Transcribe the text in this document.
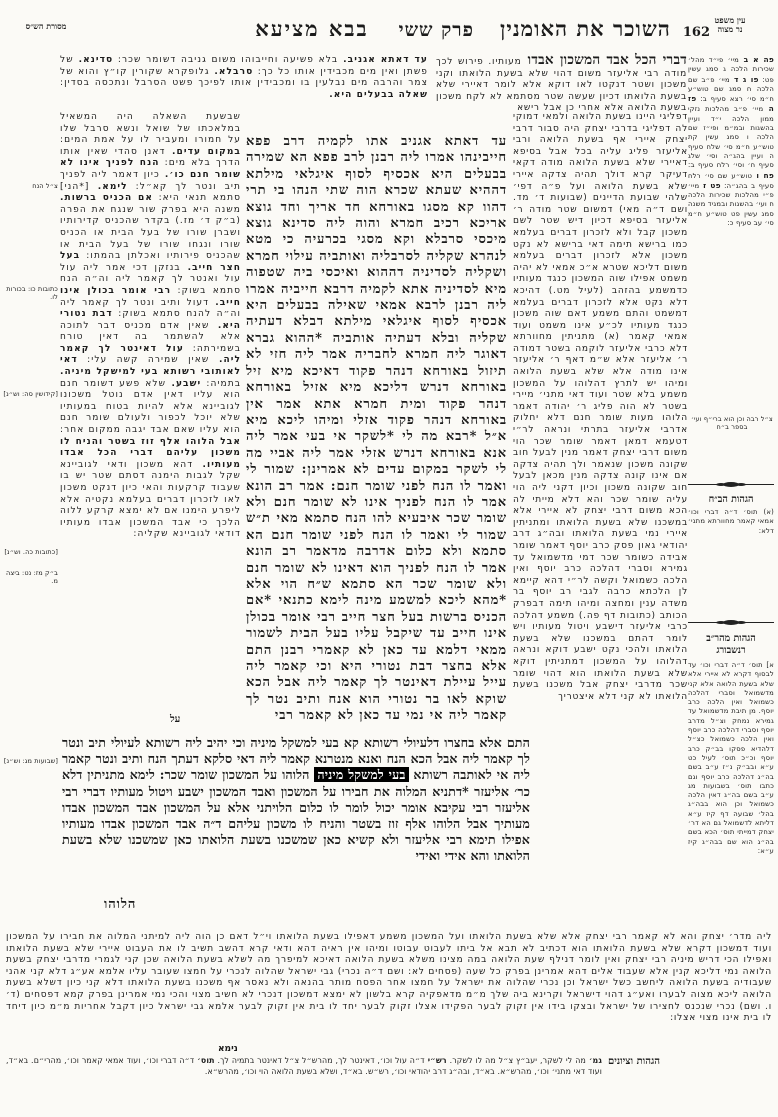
עין משפט
נר מצוה
מסורת הש״ס	162
השוכר את האומנין
פרק ששי
בבא מציעא
פה א ב מיי׳ פי״ד מהל׳ שכירות הלכה ג סמג עשין פט: פו ג ד מיי׳ פ״ב שם הלכה ח סמג שם טוש״ע ח״מ סי׳ רצא סעיף ב: פז ה מיי׳ פ״ב מהלכות נזקי ממון הלכה י״ד ועיין בהשגות ובמ״מ ופי״ז שם הלכה ו סמג עשין קת טוש״ע ח״מ סי׳ שלח סעיף ה ועיין בהג״ה וסי׳ שלג סעיף ח׳ וסי׳ רלח סעיף ב: פח ו טוש״ע שם סי׳ רלח סעיף ב בהג״ה: פט ז מיי׳ פ״י מהלכות שכירות הלכה ח ועי׳ בהשגות ובמגיד משנה סמג עשין פט טוש״ע ח״מ סי׳ עב סעיף כ:
צ״ל רבה וכן הוא ברי״ף ועי׳ בספר ב״ח
הגהות הב״ח
(א) תוס׳ ד״ה דברי וכו׳ אמאי קאמר מחוורתא מתני׳ דלא:
הגהות מהר״ב
רנשבורג
א] תוס׳ ד״ה דברי וכו׳ עד לבסוף דקרא לא איירי אלא שלא בשעת הלואה אלא קני מדשמואל וסברי דהלכה כשמואל ואין הלכה כרב יוסף. מן תיבת מדשמואל עד גמירא נמחק וצ״ל מדרב יוסף וסברי דהלכה כרב יוסף ואין הלכה כשמואל כצ״ל דלהדיא פסקו בב״ק כרב יוסף וכ״כ תוס׳ לעיל כט ע״א ובב״ק נ״ז ע״ב בשם בה״ג דהלכה כרב יוסף וגם כתבו תוס׳ בשבועות מג ע״ב בשם בה״ג דאין הלכה כשמואל וכן הוא בבה״ג בהל׳ שבועה דף קיז ע״א דליתא לדשמואל גם הא דר׳ יצחק דמייתי תוס׳ הכא בשם בה״ג הוא שם בבה״ג קיז ע״א:
דברי הכל אבד המשכון אבדו מעותיו. פירוש לכך מודה רבי אליעזר משום דהוי שלא בשעת הלואתו וקני משכון ושטר דנקטו לאו דוקא אלא לומר דאיירי שלא בשעת הלואתו דכיון שעשה שטר מסתמא לא לקח משכון בשעת הלואה אלא אחרי כן אבל רישא
דפליגי היינו בשעת הלואה ולמאי דמוקי לה דפליגי בדרבי יצחק היה סבור דרבי יצחק איירי אף בשעת הלואה ורבי אליעזר פליג עליה בכל אבל בסיפא דאיירי שלא בשעת הלואה מודה דקאי דעיקר קרא דולך תהיה צדקה איירי שלא בשעת הלואה ועל פ״ה דפי׳ שלהי שבועת הדיינים (שבועות ד׳ מד. ושם ד״ה מאי) דמשום שטר מודה ר׳ אליעזר בסיפא דכיון דיש שטר לשם משכון קבל ולא לזכרון דברים בעלמא כמו ברישא תימה דאי ברישא לא נקט משכון אלא לזכרון דברים בעלמא משום דליכא שטרא א״כ אמאי לא יהיה משמט אפילו שוה המשכון כנגד מעותיו כדמשמע בהזהב (לעיל מט.) דהיכא דלא נקט אלא לזכרון דברים בעלמא דמשמט והתם משמע דאם שוה משכון כנגד מעותיו לכ״ע אינו משמט ועוד אמאי קאמר (א) מתניתין מחוורתא דלא כרבי אליעזר לוקמה בשטר דמודה ר׳ אליעזר אלא ש״מ דאף ר׳ אליעזר אינו מודה אלא שלא בשעת הלואה ומיהו יש לתרץ דהלוהו על המשכון משמע בלא שטר ועוד דאי מתני׳ מיירי בשטר לא הוה פליג ר׳ יהודה דאמר הלוהו מעות שומר חנם דלא יחלוק אדרבי אליעזר בתרתי ונראה לר״י דטעמא דמאן דאמר שומר שכר הוי משום דרבי יצחק דאמר מנין לבעל חוב שקונה משכון שנאמר ולך תהיה צדקה אם אינו קונה צדקה מנין מכאן לבעל חוב שקונה משכון וכיון דקני ליה הוי עליה שומר שכר והא דלא מייתי לה הכא משום דרבי יצחק לא איירי אלא במשכנו שלא בשעת הלואתו ומתניתין איירי נמי בשעת הלואתו ובה״ג דרב יהודאי גאון פסק כרב יוסף דאמר שומר אבידה כשומר שכר דמי מדשמואל עד גמירא וסברי דהלכה כרב יוסף ואין הלכה כשמואל וקשה לר״י דהא קיימא לן הלכתא כרבה לגבי רב יוסף בר משדה ענין ומחצה ומיהו תימה דבפרק הכותב (כתובות דף פה.) משמע דהלכה כרבי אליעזר דישבע ויטול מעותיו ויש לומר דהתם במשכנו שלא בשעת הלואתו ולהכי נקט ישבע דוקא ונראה דהלוהו על המשכון דמתניתין דוקא שלא בשעת הלואתו הוא דהוי שומר שכר מדרבי יצחק אבל משכנו בשעת הלואתו לא קני דלא איצטריך
עד דאתא אגניב. בלא פשיעה וחייבוהו משום גניבה דשומר שכר: סדינא. של פשתן ואין מים מכבידין אותו כל כך: סרבלא. גלופקרא שקורין קו״ץ והוא של צמר והרבה מים נבלעין בו ומכבידין אותו לפיכך פשט הסרבל ונתכסה בסדין: שאלה בבעלים היא.
שבשעת השאלה היה המשאיל במלאכתו של שואל ונשא סרבל שלו על חמורו ומעביר לו על אמת המים: במקום עדים. דאנן סהדי שאין אותו הדרך בלא מים: הנח לפניך אינו לא שומר חנם כו׳. כיון דאמר ליה לפניך תיב ונטר לך קא״ל: לימא. [*הני] סתמא תנאי היא: אם הכניס ברשות. משנה היא בפרק שור שנגח את הפרה (ב״ק ד׳ מז.) בקדר שהכניס קדירותיו ושברן שורו של בעל הבית או הכניס שורו ונגחו שורו של בעל הבית או שהכניס פירותיו ואכלתן בהמתו: בעל חצר חייב. בנזקן דכי אמר ליה עול עול ואנטר לך קאמר ליה וה״ה הנח סתמא בשוק: רבי אומר בכולן אינו חייב. דעול ותיב ונטר לך קאמר ליה וה״ה להנח סתמא בשוק: דבת נטורי היא. שאין אדם מכניס דבר לתוכה אלא להשתמר בה דאין טורח בשמירתה: עול דאינטר לך קאמר ליה. שאין שמירה קשה עלי: דאי לאותובי רשותא בעי למישקל מיניה. בתמיה: ישבע. שלא פשע דשומר חנם הוא עליו דאין אדם נוטל משכונו לגוביינא אלא להיות בטוח במעותיו שלא יוכל לכפור ולעולם שומר חנם הוא עליו שאם אבד יגבה ממקום אחר: אבל הלוהו אלף זוז בשטר והניח לו משכון עליהם דברי הכל אבדו מעותיו. דהא משכון ודאי לגוביינא שקל לגבות הימנה דסתם שטר יש בו שעבוד קרקעות והאי כיון דנקט משכון לאו לזכרון דברים בעלמא נקטיה אלא ליפרע הימנו אם לא ימצא קרקע ללוה הלכך כי אבד המשכון אבדו מעותיו דודאי לגוביינא שקליה:
על
עד דאתא אגניב אתו לקמיה דרב פפא חייבינהו אמרו ליה רבנן לרב פפא הא שמירה בבעלים היא אכסיף לסוף איגלאי מילתא דההיא שעתא שכרא הוה שתי הנהו בי תרי דהוו קא מסגו באורחא חד אריך וחד גוצא אריכא רכיב חמרא והוה ליה סדינא גוצא מיכסי סרבלא וקא מסגי בכרעיה כי מטא לנהרא שקליה לסרבליה ואותביה עילוי חמרא ושקליה לסדיניה דההוא ואיכסי ביה שטפוה מיא לסדיניה אתא לקמיה דרבא חייביה אמרו ליה רבנן לרבא אמאי שאילה בבעלים היא אכסיף לסוף איגלאי מילתא דבלא דעתיה שקליה ובלא דעתיה אותביה *ההוא גברא דאוגר ליה חמרא לחבריה אמר ליה חזי לא תיזול באורחא דנהר פקוד דאיכא מיא זיל באורחא דנרש דליכא מיא אזיל באורחא דנהר פקוד ומית חמרא אתא אמר אין באורחא דנהר פקוד אזלי ומיהו ליכא מיא א״ל *רבא מה לי *לשקר אי בעי אמר ליה אנא באורחא דנרש אזלי אמר ליה אביי מה לי לשקר במקום עדים לא אמרינן: שמור לי ואמר לו הנח לפני שומר חנם: אמר רב הונא אמר לו הנח לפניך אינו לא שומר חנם ולא שומר שכר איבעיא להו הנח סתמא מאי ת״ש שמור לי ואמר לו הנח לפני שומר חנם הא סתמא ולא כלום אדרבה מדאמר רב הונא אמר לו הנח לפניך הוא דאינו לא שומר חנם ולא שומר שכר הא סתמא ש״ח הוי אלא *מהא ליכא למשמע מינה לימא כתנאי *אם הכניס ברשות בעל חצר חייב רבי אומר בכולן אינו חייב עד שיקבל עליו בעל הבית לשמור ממאי דלמא עד כאן לא קאמרי רבנן התם אלא בחצר דבת נטורי היא וכי קאמר ליה עייל עיילת דאינטר לך קאמר ליה אבל הכא שוקא לאו בר נטורי הוא אנח ותיב נטר לך קאמר ליה אי נמי עד כאן לא קאמר רבי
התם אלא בחצרו דלעיולי רשותא קא בעי למשקל מיניה וכי יהיב ליה רשותא לעיולי תיב ונטר לך קאמר ליה אבל הכא הנח ואנא מנטרנא קאמר ליה דאי סלקא דעתך הנח ותיב ונטר קאמר ליה אי לאותבה רשותא בעי למשקל מיניה הלוהו על המשכון שומר שכר: לימא מתניתין דלא כר׳ אליעזר *דתניא המלוה את חבירו על המשכון ואבד המשכון ישבע ויטול מעותיו דברי רבי אליעזר רבי עקיבא אומר יכול לומר לו כלום הלויתני אלא על המשכון אבד המשכון אבדו מעותיך אבל הלוהו אלף זוז בשטר והניח לו משכון עליהם ד״ה אבד המשכון אבדו מעותיו אפילו תימא רבי אליעזר ולא קשיא כאן שמשכנו בשעת הלואתו כאן שמשכנו שלא בשעת הלואתו והא אידי ואידי
הלוהו
צ״ל הנח
כתובות כו: בכורות לו.
[קידושין סה: וש״נ]
[כתובות כה. וש״נ]
ב״ק מז: נט: ביצה מ.
[שבועות מג: וש״נ]
ליה מדר׳ יצחק והא לא קאמר רבי יצחק אלא שלא בשעת הלואתו ועל המשכון משמע דאפילו בשעת הלואתו וי״ל דאם כן הוה ליה למיתני המלוה את חבירו על המשכון ועוד דמשכון דקרא שלא בשעת הלואתו הוא דכתיב לא תבא אל ביתו לעבוט עבוטו ומיהו אין ראיה דהא ודאי קרא דהשב תשיב לו את העבוט איירי שלא בשעת הלואתו ואפילו הכי דריש מיניה רבי יצחק ואין לומר דנילף שעת הלואה במה מצינו משלא בשעת הלואה דאיכא למיפרך מה לשלא בשעת הלואה שכן קני לגמרי מדרבי יצחק בשעת הלואה נמי דליכא קנין אלא שעבוד אלים דהא אמרינן בפרק כל שעה (פסחים לא: ושם ד״ה נכרי) גבי ישראל שהלוה לנכרי על חמצו שעובר עליו אלמא אע״ג דלא קני אהני שעבודיה בשעת הלואה ליחשב כשל ישראל וכן נכרי שהלוה את ישראל על חמצו אחר הפסח מותר בהנאה ולא נאסר אף משכנו בשעת הלואתו דלא קני כיון דשלא בשעת הלואה ליכא מצוה לבערו ואע״ג דהוי דישראל וקרינא ביה שלך מ״מ מדאפקיה קרא בלשון לא ימצא דמשכון דנכרי לא חשיב מצוי והכי נמי אמרינן בפרק קמא דפסחים (ד׳ ו. ושם) נכרי שנכנס לחצירו של ישראל ובצקו בידו אין זקוק לבער הפקידו אצלו זקוק לבער יחד לו בית אין זקוק לבער אלמא גבי ישראל כיון דקבל אחריות מ״מ כיון דיחד לו בית אינו מצוי אצלו:
נימא
הגהות וציונים
גמ׳ מה לי לשקר, יעב״ץ צ״ל מה לו לשקר. רש״י ד״ה עול וכו׳, דאינטר לך, מהרש״ל צ״ל דאינטר בתמיה לך. תוס׳ ד״ה דברי וכו׳, ועוד אמאי קאמר וכו׳, מהרי״ם. בא״ד, ועוד דאי מתני׳ וכו׳, מהרש״א. בא״ד, ובה״ג דרב יהודאי וכו׳, רש״ש. בא״ד, ושלא בשעת הלואה הוי וכו׳, מהרש״א.
